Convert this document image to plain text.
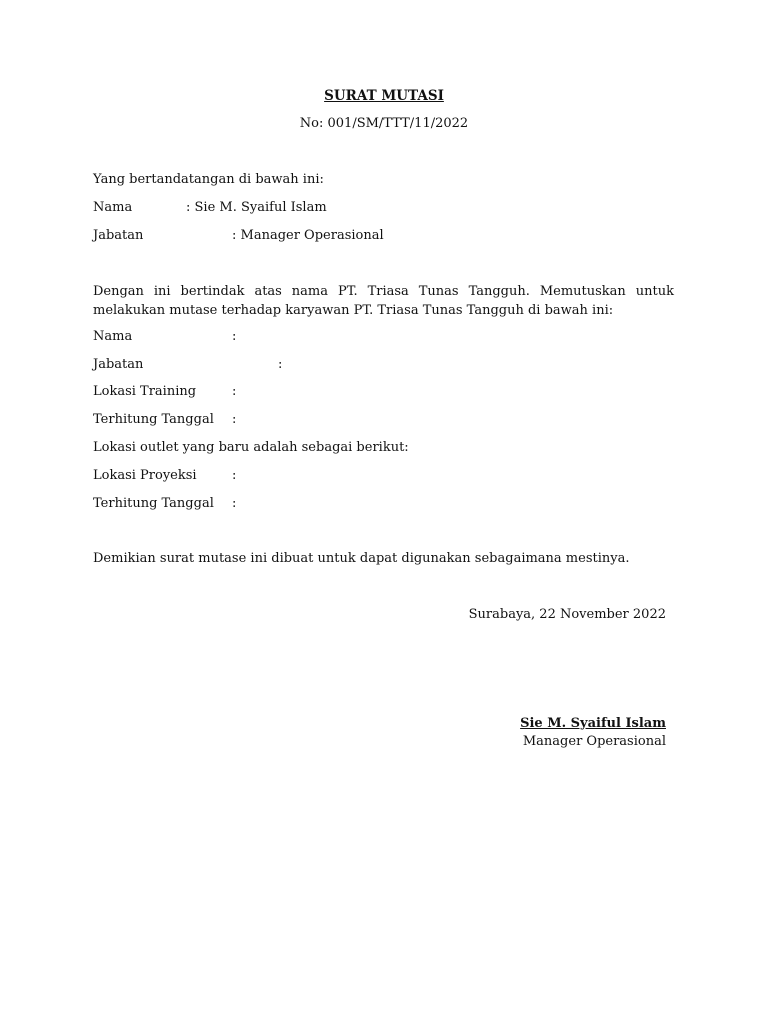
SURAT MUTASI
No: 001/SM/TTT/11/2022
Yang bertandatangan di bawah ini:
Nama	: Sie M. Syaiful Islam
Jabatan	: Manager Operasional
Dengan ini bertindak atas nama PT. Triasa Tunas Tangguh. Memutuskan untuk melakukan mutase terhadap karyawan PT. Triasa Tunas Tangguh di bawah ini:
Nama	:
Jabatan	:
Lokasi Training	:
Terhitung Tanggal :
Lokasi outlet yang baru adalah sebagai berikut:
Lokasi Proyeksi	:
Terhitung Tanggal :
Demikian surat mutase ini dibuat untuk dapat digunakan sebagaimana mestinya.
Surabaya, 22 November 2022
Sie M. Syaiful Islam
Manager Operasional
